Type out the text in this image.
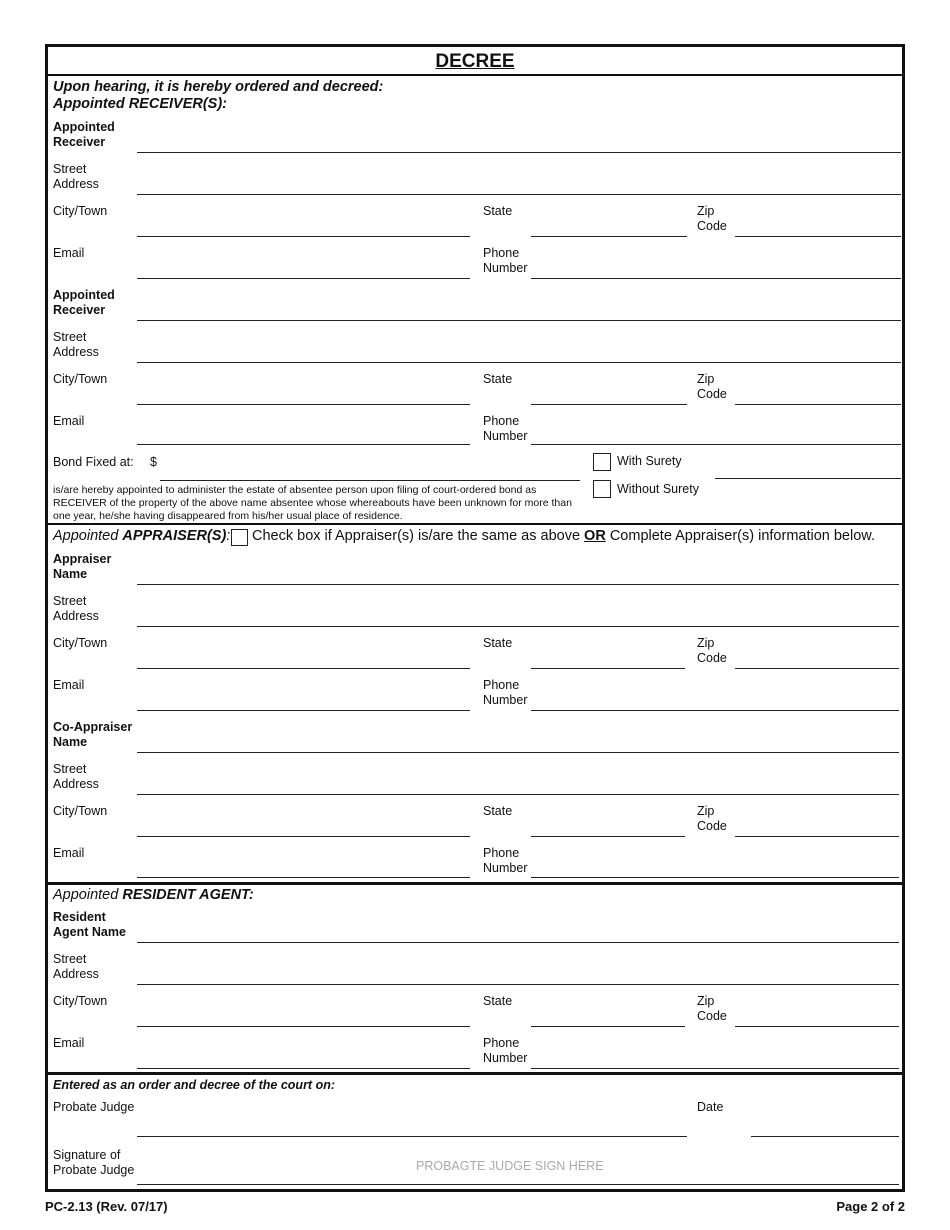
DECREE
Upon hearing, it is hereby ordered and decreed:
Appointed RECEIVER(S):
Appointed Receiver
Street Address
City/Town	State	Zip Code
Email	Phone Number
Appointed Receiver
Street Address
City/Town	State	Zip Code
Email	Phone Number
Bond Fixed at: $	With Surety
is/are hereby appointed to administer the estate of absentee person upon filing of court-ordered bond as RECEIVER of the property of the above name absentee whose whereabouts have been unknown for more than one year, he/she having disappeared from his/her usual place of residence.
Without Surety
Appointed APPRAISER(S): Check box if Appraiser(s) is/are the same as above OR Complete Appraiser(s) information below.
Appraiser Name
Street Address
City/Town	State	Zip Code
Email	Phone Number
Co-Appraiser Name
Street Address
City/Town	State	Zip Code
Email	Phone Number
Appointed RESIDENT AGENT:
Resident Agent Name
Street Address
City/Town	State	Zip Code
Email	Phone Number
Entered as an order and decree of the court on:
Probate Judge	Date
Signature of Probate Judge	PROBAGTE JUDGE SIGN HERE
PC-2.13 (Rev. 07/17)	Page 2 of 2
